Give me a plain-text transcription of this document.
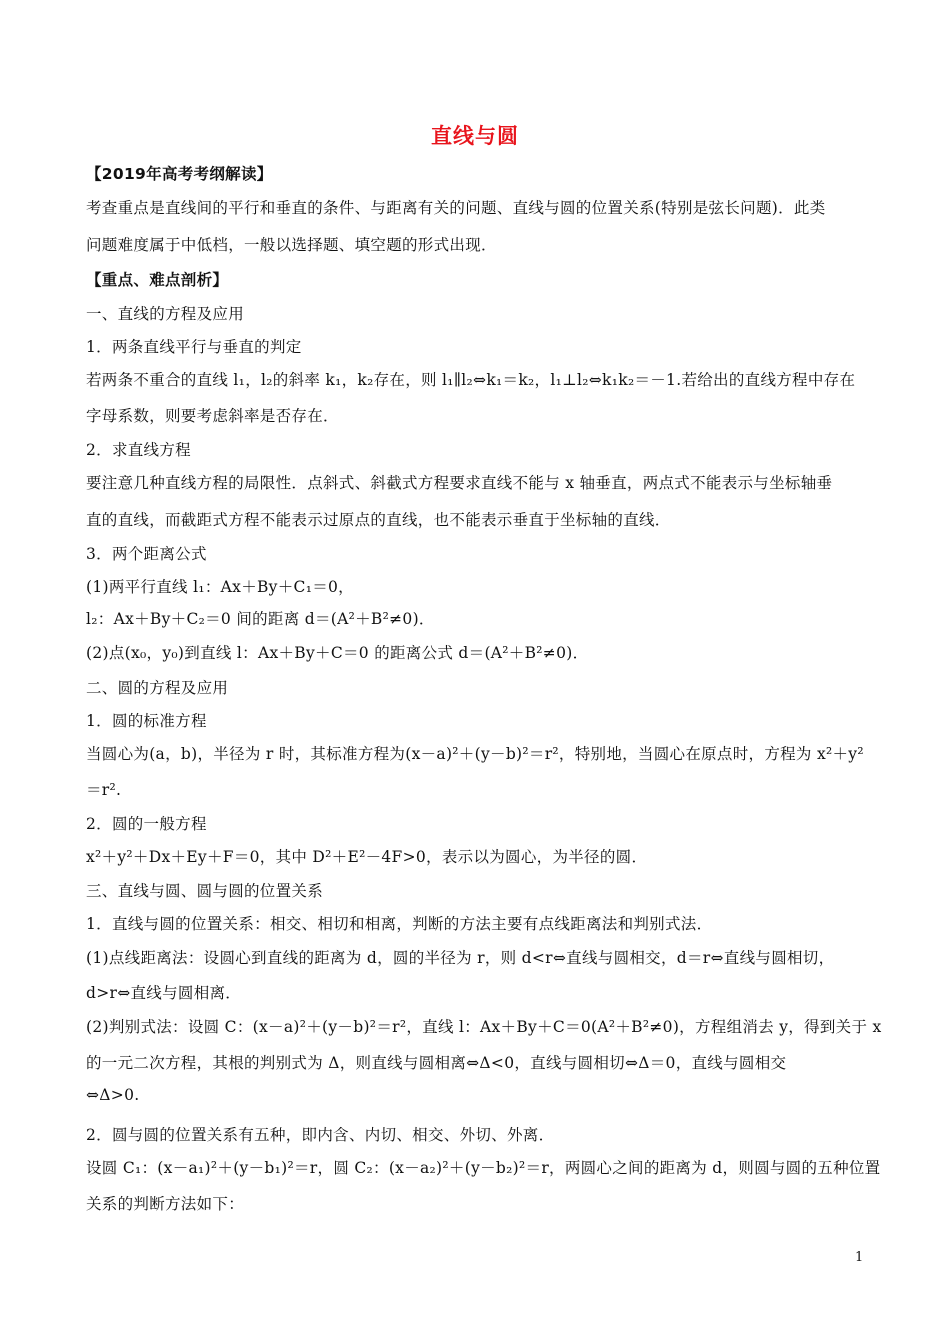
直线与圆
【2019年高考考纲解读】
考查重点是直线间的平行和垂直的条件、与距离有关的问题、直线与圆的位置关系(特别是弦长问题)．此类
问题难度属于中低档，一般以选择题、填空题的形式出现．
【重点、难点剖析】
一、直线的方程及应用
1．两条直线平行与垂直的判定
若两条不重合的直线 l₁，l₂的斜率 k₁，k₂存在，则 l₁∥l₂⇔k₁＝k₂，l₁⊥l₂⇔k₁k₂＝－1.若给出的直线方程中存在
字母系数，则要考虑斜率是否存在．
2．求直线方程
要注意几种直线方程的局限性．点斜式、斜截式方程要求直线不能与 x 轴垂直，两点式不能表示与坐标轴垂
直的直线，而截距式方程不能表示过原点的直线，也不能表示垂直于坐标轴的直线．
3．两个距离公式
(1)两平行直线 l₁：Ax＋By＋C₁＝0，
l₂：Ax＋By＋C₂＝0 间的距离 d＝(A²＋B²≠0)．
(2)点(x₀，y₀)到直线 l：Ax＋By＋C＝0 的距离公式 d＝(A²＋B²≠0)．
二、圆的方程及应用
1．圆的标准方程
当圆心为(a，b)，半径为 r 时，其标准方程为(x－a)²＋(y－b)²＝r²，特别地，当圆心在原点时，方程为 x²＋y²
＝r².
2．圆的一般方程
x²＋y²＋Dx＋Ey＋F＝0，其中 D²＋E²－4F>0，表示以为圆心，为半径的圆．
三、直线与圆、圆与圆的位置关系
1．直线与圆的位置关系：相交、相切和相离，判断的方法主要有点线距离法和判别式法．
(1)点线距离法：设圆心到直线的距离为 d，圆的半径为 r，则 d<r⇔直线与圆相交，d＝r⇔直线与圆相切，
d>r⇔直线与圆相离．
(2)判别式法：设圆 C：(x－a)²＋(y－b)²＝r²，直线 l：Ax＋By＋C＝0(A²＋B²≠0)，方程组消去 y，得到关于 x
的一元二次方程，其根的判别式为 Δ，则直线与圆相离⇔Δ<0，直线与圆相切⇔Δ＝0，直线与圆相交
⇔Δ>0.
2．圆与圆的位置关系有五种，即内含、内切、相交、外切、外离．
设圆 C₁：(x－a₁)²＋(y－b₁)²＝r，圆 C₂：(x－a₂)²＋(y－b₂)²＝r，两圆心之间的距离为 d，则圆与圆的五种位置
关系的判断方法如下：
1
